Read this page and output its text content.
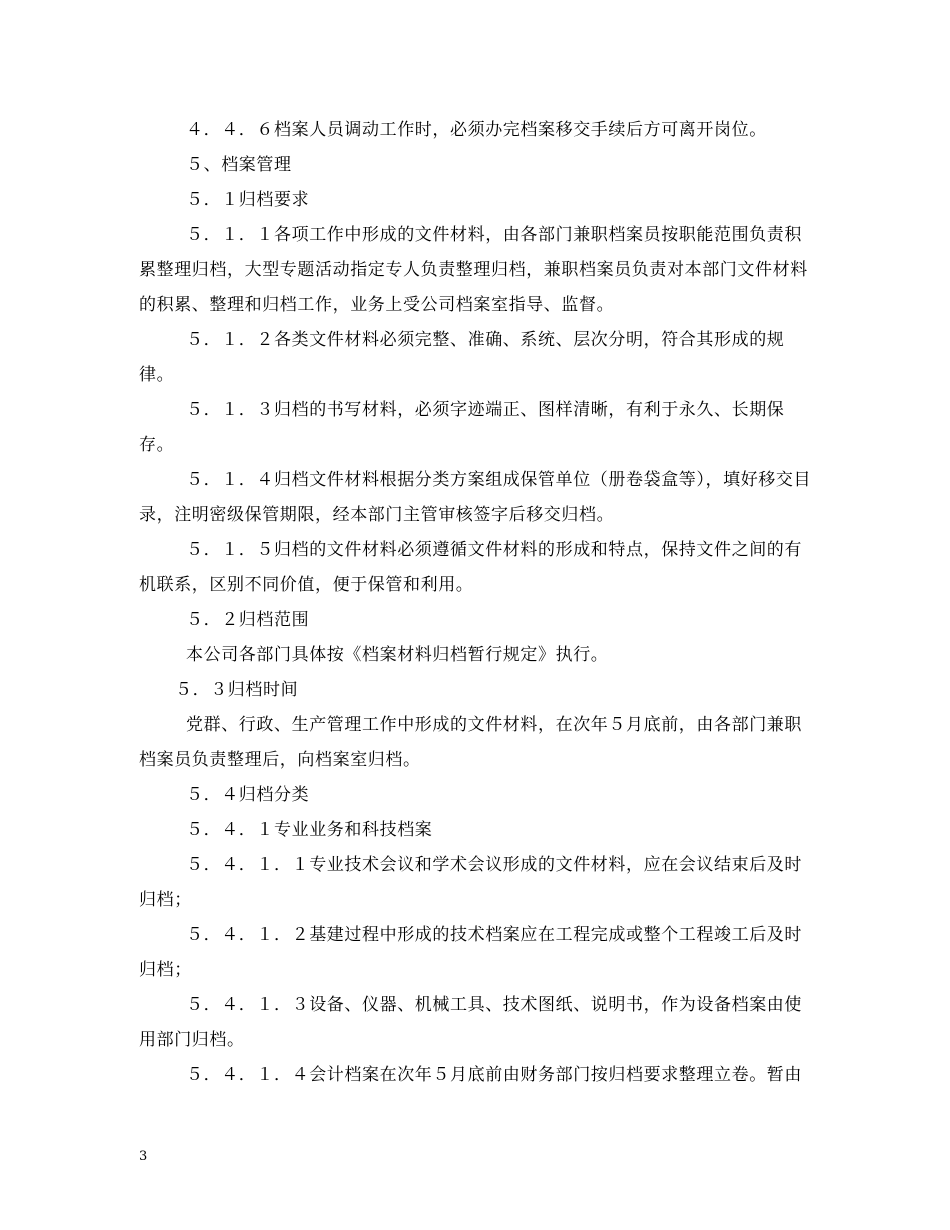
４．４．６档案人员调动工作时，必须办完档案移交手续后方可离开岗位。

５、档案管理

５．１归档要求

５．１．１各项工作中形成的文件材料，由各部门兼职档案员按职能范围负责积累整理归档，大型专题活动指定专人负责整理归档，兼职档案员负责对本部门文件材料的积累、整理和归档工作，业务上受公司档案室指导、监督。

５．１．２各类文件材料必须完整、准确、系统、层次分明，符合其形成的规律。

５．１．３归档的书写材料，必须字迹端正、图样清晰，有利于永久、长期保存。

５．１．４归档文件材料根据分类方案组成保管单位（册卷袋盒等），填好移交目录，注明密级保管期限，经本部门主管审核签字后移交归档。

５．１．５归档的文件材料必须遵循文件材料的形成和特点，保持文件之间的有机联系，区别不同价值，便于保管和利用。

５．２归档范围

本公司各部门具体按《档案材料归档暂行规定》执行。

５．３归档时间

党群、行政、生产管理工作中形成的文件材料，在次年５月底前，由各部门兼职档案员负责整理后，向档案室归档。

５．４归档分类

５．４．１专业业务和科技档案

５．４．１．１专业技术会议和学术会议形成的文件材料，应在会议结束后及时归档；

５．４．１．２基建过程中形成的技术档案应在工程完成或整个工程竣工后及时归档；

５．４．１．３设备、仪器、机械工具、技术图纸、说明书，作为设备档案由使用部门归档。

５．４．１．４会计档案在次年５月底前由财务部门按归档要求整理立卷。暂由

3
